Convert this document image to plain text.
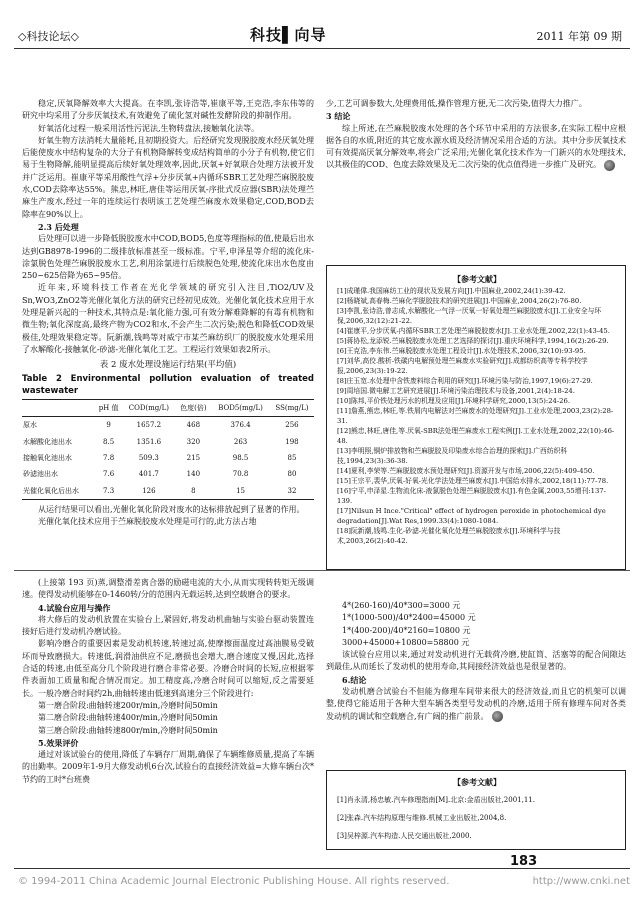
◇科技论坛◇	科技▌向导	2011 年第 09 期

稳定,厌氧降解效率大大提高。在李凯,张诗浩等,崔康平等,王克浩,李东伟等的研究中均采用了分步厌氧技术,有效避免了硫化氢对碱性发酵阶段的抑制作用。

好氧活化过程一般采用活性污泥法,生物转盘法,接触氧化法等。

好氧生物方法消耗大量能耗,且初期投资大。后经研究发现脱胶废水经厌氧处理后能使废水中结构复杂的大分子有机物降解转变成结构简单的小分子有机物,使它们易于生物降解,能明显提高后续好氧处理效率,因此,厌氧+好氧联合处理方法被开发并广泛运用。崔康平等采用酸性气浮+分步厌氧+内循环SBR工艺处理苎麻脱胶废水,COD去除率达55%。熊忠,林旺,唐佳等运用厌氧-序批式反应器(SBR)法处理苎麻生产废水,经过一年的连续运行表明该工艺处理苎麻废水效果稳定,COD,BOD去除率在90%以上。

2.3 后处理

后处理可以进一步降低脱胶废水中COD,BOD5,色度等理指标的值,使最后出水达到GB8978-1996的二级排放标准甚至一级标准。宁平,申泽星等介绍的流化床-涂氯脱色处理苎麻脱胶废水工艺,利用涂氯进行后续脱色处理,使流化床出水色度由250~625倍降为65~95倍。

近年来,环境科技工作者在光化学领域的研究引入注目,TiO2/UV及Sn,WO3,ZnO2等光催化氧化方法的研究已经初见成效。光催化氧化技术应用于水处理是新兴起的一种技术,其特点是:氧化能力强,可有效分解难降解的有毒有机物和微生物;氧化深度高,最终产物为CO2和水,不会产生二次污染;脱色和降低COD效果极佳,处理效果稳定等。阮新潮,钱鸣等对威宁市某苎麻纺织厂的脱胶废水处理采用了水解酸化-接触氧化-砂滤-光催化氧化工艺。工程运行效果如表2所示。

表 2 废水处理设施运行结果(平均值)
Table 2 Environmental pollution evaluation of treated wastewater
	pH 值	COD(mg/L)	色度(倍)	BOD5(mg/L)	SS(mg/L)
原水	9	1657.2	468	376.4	256
水解酸化池出水	8.5	1351.6	320	263	198
接触氧化池出水	7.8	509.3	215	98.5	85
砂滤池出水	7.6	401.7	140	70.8	80
光催化氧化后出水	7.3	126	8	15	32

从运行结果可以看出,光催化氧化阶段对废水的达标排放起到了显著的作用。

光催化氧化技术应用于苎麻脱胶废水处理是可行的,此方法占地

少,工艺可调参数大,处理费用低,操作管理方便,无二次污染,值得大力推广。

3 结论

综上所述,在苎麻脱胶废水处理的各个环节中采用的方法很多,在实际工程中应根据各自的水质,附近的其它废水源水质及经济情况采用合适的方法。其中分步厌氧技术可有效提高厌氧分解效率,将会广泛采用;光催化氧化技术作为一门新兴的水处理技术,以其极佳的COD、色度去除效果及无二次污染的优点值得进一步推广及研究。

【参考文献】

[1]成瑾偉.我国麻纺工业的现状及发展方向[J].中国麻业,2002,24(1):39-42.

[2]杨晓斌,高春梅.苎麻化学脱胶技术的研究进展[J].中国麻业,2004,26(2):76-80.

[3]李凯,张诗浩,曾志成,水解酸化一气浮一厌氧一好氧处理苎麻脱胶废水[J].工业安全与环保,2006,32(12):21-22.

[4]崔康平,分步厌氧-内循环SBR工艺处理苎麻脱胶废水[J].工业水处理,2002,22(1):43-45.

[5]蒋协松,龙添锐.苎麻脱胶废水处理工艺选择的探讨[J].重庆环境科学,1994,16(2):26-29.

[6]王克浩,李东伟.苎麻脱胶废水处理工程设计[J].水处理技术,2006,32(10):93-95.

[7]刘华,高佼.酸析-铁碳内电解预处理苎麻废水实验研究[J].成都纺织高等专科学校学报,2006,23(3):19-22.

[8]庄玉宽.水处理中含铁废料综合利用的研究[J].环境污染与防治,1997,19(6):27-29.

[9]周培国.微电解工艺研究进展[J].环境污染治理技术与设备,2001,2(4):18-24.

[10]陈邦,平价铁处理污水的机理及应用[J].环境科学研究,2000,13(5):24-26.

[11]詹燕,熊忠,林旺,等.铁屑内电解法对苎麻废水的处理研究[J].工业水处理,2003,23(2):28-31.

[12]熊忠,林旺,唐佳,等.厌氧-SBR法处理苎麻废水工程实例[J].工业水处理,2002,22(10):46-48.

[13]李明照,铜炉排放物和苎麻脱胶及印染废水综合治理的探索[J].广西纺织科技,1994,23(3):36-38.

[14]夏利,李荣等.苎麻脱胶废水预处理研究[J].资源开发与市场,2006,22(5):409-450.

[15]王宗平,裴华,厌氧-好氧-光化学法处理苎麻废水[J].中国给水排水,2002,18(11):77-78.

[16]宁平,申泽星.生物流化床-液氯脱色处理苎麻脱胶废水[J].有色金属,2003,55增刊:137-139.

[17]Nilsun H Ince."Critical" effect of hydrogen peroxide in photochemical dye degradation[J].Wat Res,1999.33(4):1080-1084.

[18]阮新潮,钱鸣.生化-砂滤-光催化氧化处理苎麻脱胶废水[J].环境科学与技术,2003,26(2):40-42.

(上接第 193 页)蒸,调整滑差离合器的励磁电流的大小,从而实现转转矩无级调速。使得发动机能够在0-1460转/分的范围内无载运转,达到空载磨合的要求。

4.试验台应用与操作

将大修后的发动机放置在实验台上,紧固好,将发动机曲轴与实验台驱动装置连接好后进行发动机冷磨试验。

影响冷磨合的重要因素是发动机转速,转速过高,使摩擦面温度过高油膜易受破坏而导致磨损大。转速低,润滑油供应不足,磨损也会增大,磨合速度又慢,因此,选择合适的转速,由低至高分几个阶段进行磨合非常必要。冷磨合时间的长短,应根据零件表面加工质量和配合情况而定。加工精度高,冷磨合时间可以缩短,反之需要延长。一般冷磨合时间约2h,曲轴转速由低速到高速分三个阶段进行:

第一磨合阶段:曲轴转速200r/min,冷磨时间50min

第二磨合阶段:曲轴转速400r/min,冷磨时间50min

第三磨合阶段:曲轴转速800r/min,冷磨时间50min

5.效果评价

通过对该试验台的使用,降低了车辆存厂周期,确保了车辆维修质量,提高了车辆的出勤率。2009年1-9月大修发动机6台次,试验台的直接经济效益=大修车辆台次*节约的工时*台班费

4*(260-160)/40*300=3000 元

1*(1000-500)/40*2400=45000 元

1*(400-200)/40*2160=10800 元

3000+45000+10800=58800 元

该试验台应用以来,通过对发动机进行无载荷冷磨,使缸筒、活塞等的配合间隙达到最佳,从而延长了发动机的使用寿命,其间接经济效益也是很显著的。

6.结论

发动机磨合试验台不但能为修理车间带来很大的经济效益,而且它的机架可以调整,使得它能适用于各种大型车辆各类型号发动机的冷磨,适用于所有修理车间对各类发动机的调试和空载磨合,有广阔的推广前景。

【参考文献】

[1]肖永清,杨忠敏.汽车修理指南[M].北京:金盾出版社,2001,11.

[2]张森.汽车结构原理与维修.机械工业出版社,2004,8.

[3]吴梓源.汽车构造.人民交通出版社,2000.

183
© 1994-2011 China Academic Journal Electronic Publishing House. All rights reserved.	http://www.cnki.net
